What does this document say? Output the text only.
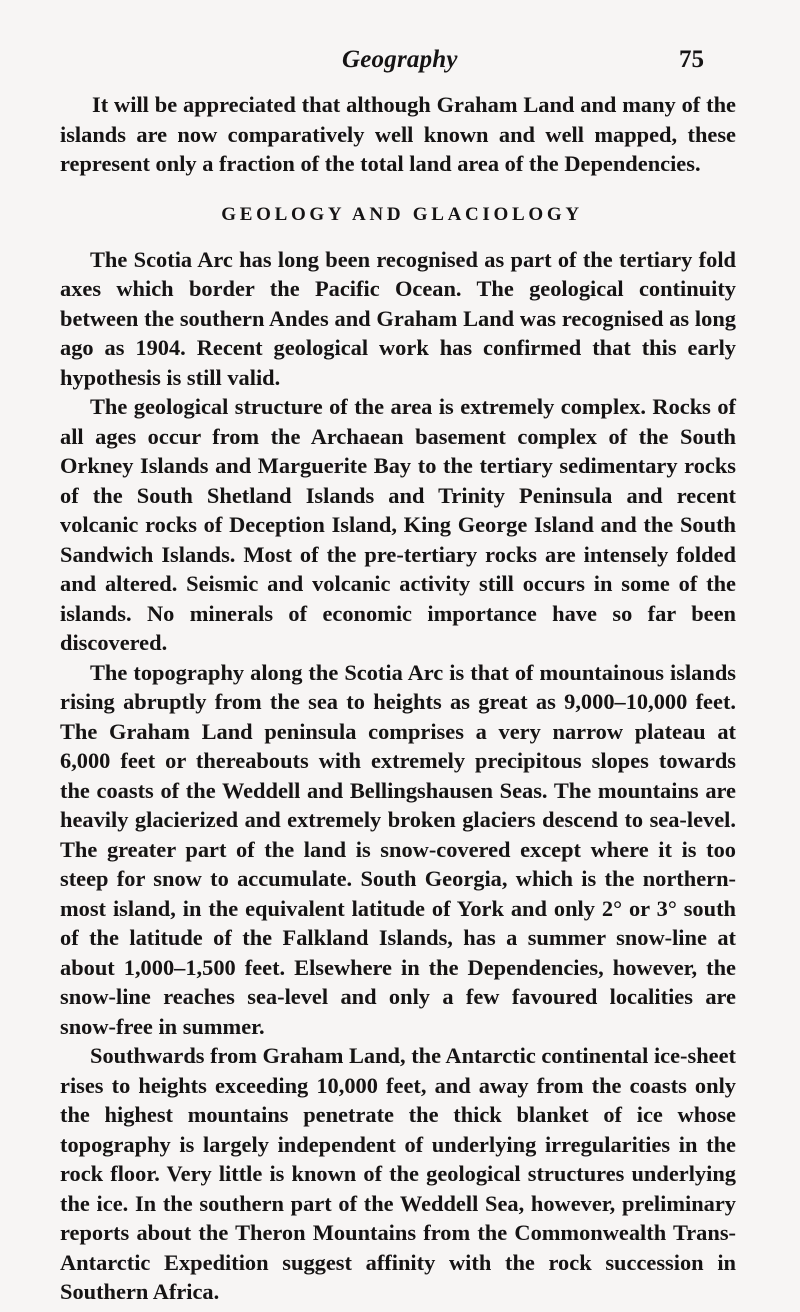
Geography	75

It will be appreciated that although Graham Land and many of the islands are now comparatively well known and well mapped, these represent only a fraction of the total land area of the Dependencies.

GEOLOGY AND GLACIOLOGY

The Scotia Arc has long been recognised as part of the tertiary fold axes which border the Pacific Ocean. The geological continuity between the southern Andes and Graham Land was recognised as long ago as 1904. Recent geological work has confirmed that this early hypothesis is still valid.

The geological structure of the area is extremely complex. Rocks of all ages occur from the Archaean basement complex of the South Orkney Islands and Marguerite Bay to the tertiary sedimentary rocks of the South Shetland Islands and Trinity Peninsula and recent volcanic rocks of Deception Island, King George Island and the South Sandwich Islands. Most of the pre-tertiary rocks are intensely folded and altered. Seismic and volcanic activity still occurs in some of the islands. No minerals of economic importance have so far been discovered.

The topography along the Scotia Arc is that of mountainous islands rising abruptly from the sea to heights as great as 9,000–10,000 feet. The Graham Land peninsula comprises a very narrow plateau at 6,000 feet or thereabouts with extremely precipitous slopes towards the coasts of the Weddell and Bellingshausen Seas. The mountains are heavily glacierized and extremely broken glaciers descend to sea-level. The greater part of the land is snow-covered except where it is too steep for snow to accumulate. South Georgia, which is the northern-most island, in the equivalent latitude of York and only 2° or 3° south of the latitude of the Falkland Islands, has a summer snow-line at about 1,000–1,500 feet. Elsewhere in the Dependencies, however, the snow-line reaches sea-level and only a few favoured localities are snow-free in summer.

Southwards from Graham Land, the Antarctic continental ice-sheet rises to heights exceeding 10,000 feet, and away from the coasts only the highest mountains penetrate the thick blanket of ice whose topography is largely independent of underlying irregularities in the rock floor. Very little is known of the geological structures underlying the ice. In the southern part of the Weddell Sea, however, preliminary reports about the Theron Mountains from the Commonwealth Trans-Antarctic Expedition suggest affinity with the rock succession in Southern Africa.
